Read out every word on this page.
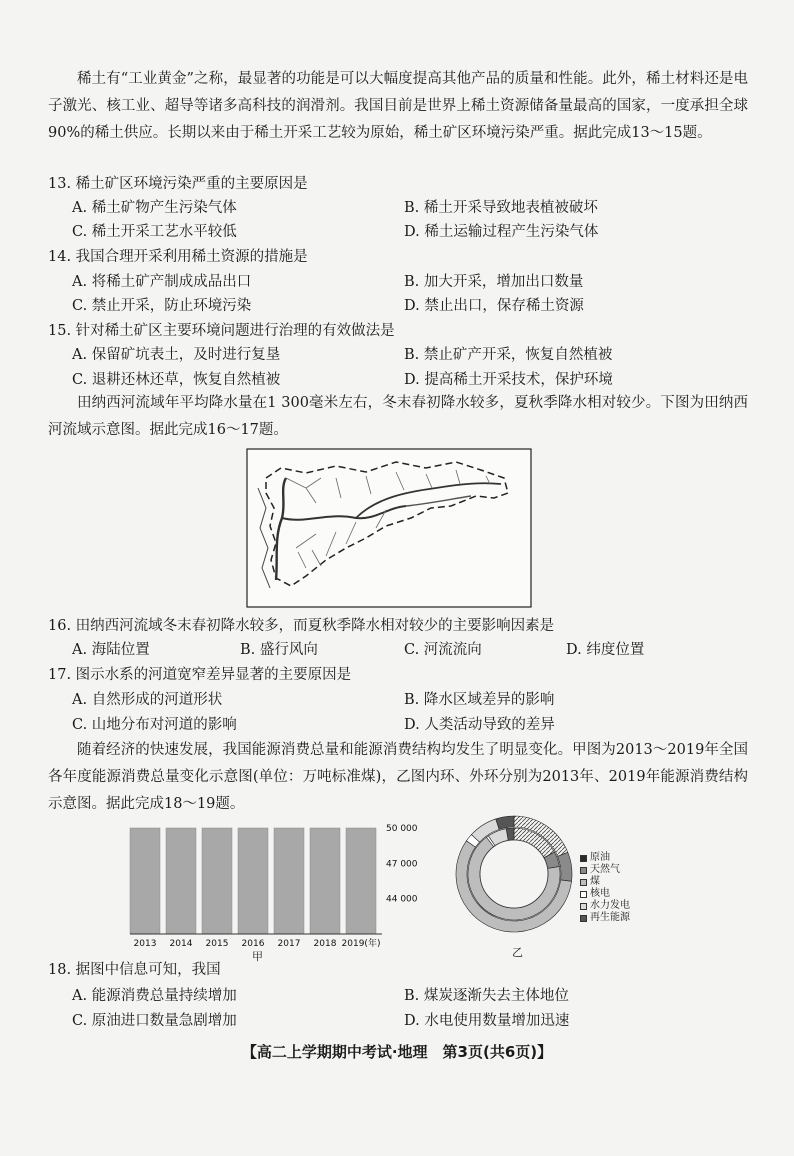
稀土有“工业黄金”之称，最显著的功能是可以大幅度提高其他产品的质量和性能。此外，稀土材料还是电子激光、核工业、超导等诸多高科技的润滑剂。我国目前是世界上稀土资源储备量最高的国家，一度承担全球90%的稀土供应。长期以来由于稀土开采工艺较为原始，稀土矿区环境污染严重。据此完成13～15题。
13. 稀土矿区环境污染严重的主要原因是
A. 稀土矿物产生污染气体	B. 稀土开采导致地表植被破坏
C. 稀土开采工艺水平较低	D. 稀土运输过程产生污染气体
14. 我国合理开采利用稀土资源的措施是
A. 将稀土矿产制成成品出口	B. 加大开采，增加出口数量
C. 禁止开采，防止环境污染	D. 禁止出口，保存稀土资源
15. 针对稀土矿区主要环境问题进行治理的有效做法是
A. 保留矿坑表土，及时进行复垦	B. 禁止矿产开采，恢复自然植被
C. 退耕还林还草，恢复自然植被	D. 提高稀土开采技术，保护环境
田纳西河流域年平均降水量在1 300毫米左右，冬末春初降水较多，夏秋季降水相对较少。下图为田纳西河流域示意图。据此完成16～17题。
16. 田纳西河流域冬末春初降水较多，而夏秋季降水相对较少的主要影响因素是
A. 海陆位置	B. 盛行风向	C. 河流流向	D. 纬度位置
17. 图示水系的河道宽窄差异显著的主要原因是
A. 自然形成的河道形状	B. 降水区域差异的影响
C. 山地分布对河道的影响	D. 人类活动导致的差异
随着经济的快速发展，我国能源消费总量和能源消费结构均发生了明显变化。甲图为2013～2019年全国各年度能源消费总量变化示意图(单位：万吨标准煤)，乙图内环、外环分别为2013年、2019年能源消费结构示意图。据此完成18～19题。
2013 2014 2015 2016 2017 2018 2019(年)
44 000
47 000
50 000
甲	乙
原油
天然气
煤
核电
水力发电
再生能源
18. 据图中信息可知，我国
A. 能源消费总量持续增加	B. 煤炭逐渐失去主体地位
C. 原油进口数量急剧增加	D. 水电使用数量增加迅速
【高二上学期期中考试·地理　第3页(共6页)】
